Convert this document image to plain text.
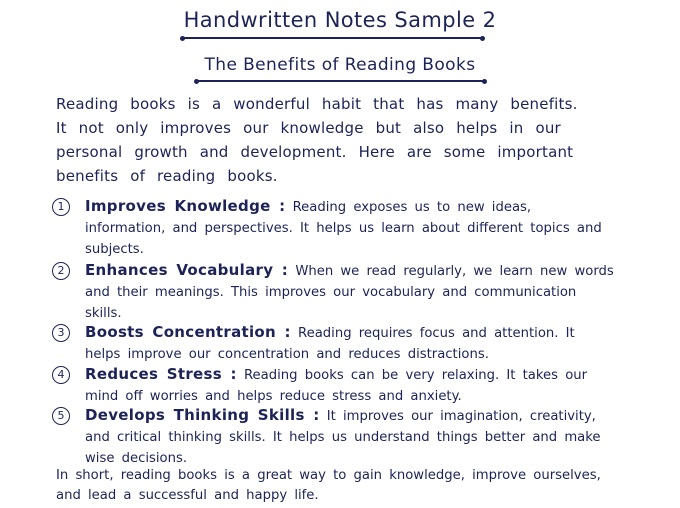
Handwritten Notes Sample 2
The Benefits of Reading Books
Reading books is a wonderful habit that has many benefits. It not only improves our knowledge but also helps in our personal growth and development. Here are some important benefits of reading books.
1	Improves Knowledge : Reading exposes us to new ideas, information, and perspectives. It helps us learn about different topics and subjects.
2	Enhances Vocabulary : When we read regularly, we learn new words and their meanings. This improves our vocabulary and communication skills.
3	Boosts Concentration : Reading requires focus and attention. It helps improve our concentration and reduces distractions.
4	Reduces Stress : Reading books can be very relaxing. It takes our mind off worries and helps reduce stress and anxiety.
5	Develops Thinking Skills : It improves our imagination, creativity, and critical thinking skills. It helps us understand things better and make wise decisions.
In short, reading books is a great way to gain knowledge, improve ourselves, and lead a successful and happy life.
